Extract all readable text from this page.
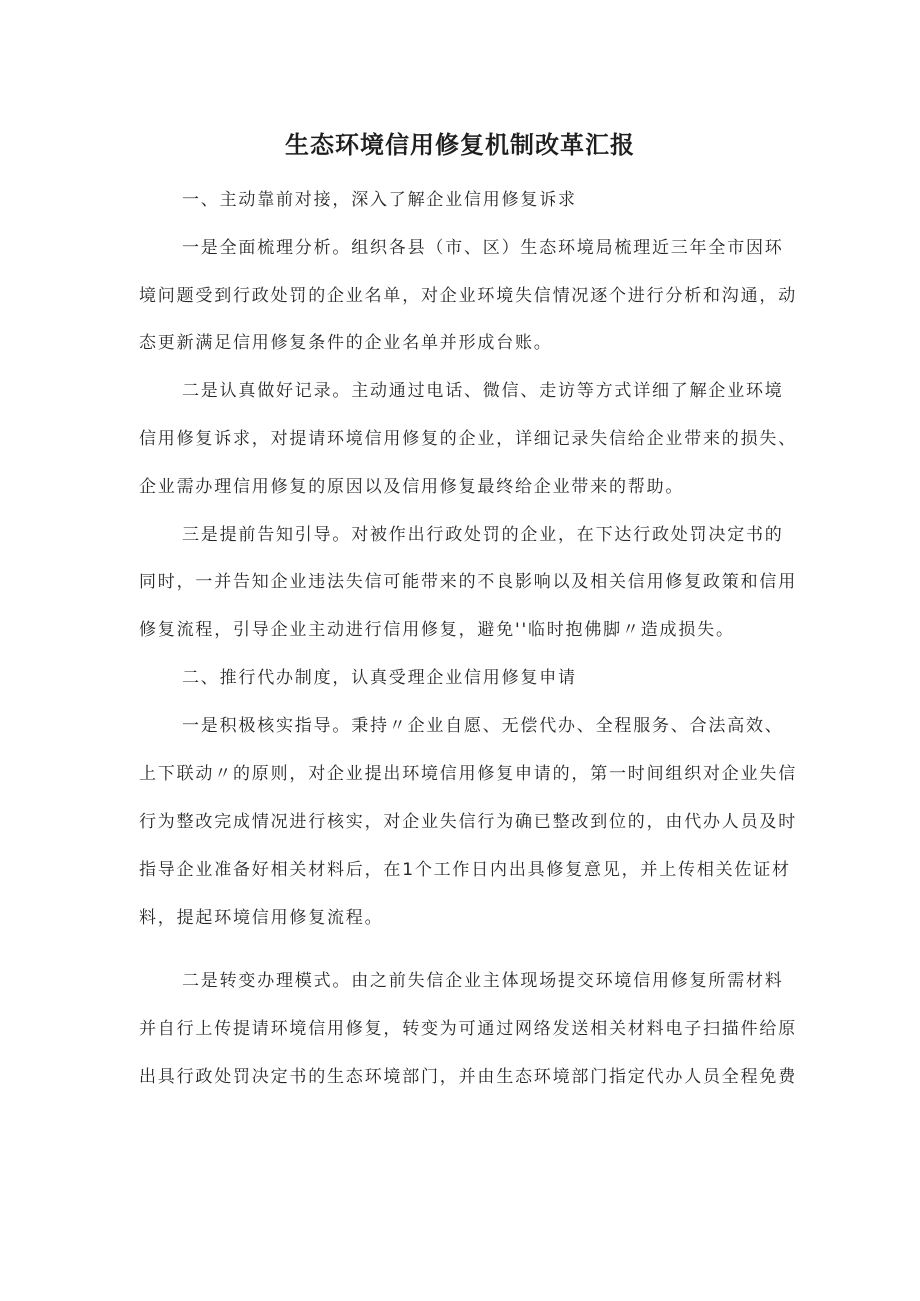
生态环境信用修复机制改革汇报
一、主动靠前对接，深入了解企业信用修复诉求
一是全面梳理分析。组织各县（市、区）生态环境局梳理近三年全市因环
境问题受到行政处罚的企业名单，对企业环境失信情况逐个进行分析和沟通，动
态更新满足信用修复条件的企业名单并形成台账。
二是认真做好记录。主动通过电话、微信、走访等方式详细了解企业环境
信用修复诉求，对提请环境信用修复的企业，详细记录失信给企业带来的损失、
企业需办理信用修复的原因以及信用修复最终给企业带来的帮助。
三是提前告知引导。对被作出行政处罚的企业，在下达行政处罚决定书的
同时，一并告知企业违法失信可能带来的不良影响以及相关信用修复政策和信用
修复流程，引导企业主动进行信用修复，避免''临时抱佛脚〃造成损失。
二、推行代办制度，认真受理企业信用修复申请
一是积极核实指导。秉持〃企业自愿、无偿代办、全程服务、合法高效、
上下联动〃的原则，对企业提出环境信用修复申请的，第一时间组织对企业失信
行为整改完成情况进行核实，对企业失信行为确已整改到位的，由代办人员及时
指导企业准备好相关材料后，在1个工作日内出具修复意见，并上传相关佐证材
料，提起环境信用修复流程。
二是转变办理模式。由之前失信企业主体现场提交环境信用修复所需材料
并自行上传提请环境信用修复，转变为可通过网络发送相关材料电子扫描件给原
出具行政处罚决定书的生态环境部门，并由生态环境部门指定代办人员全程免费
